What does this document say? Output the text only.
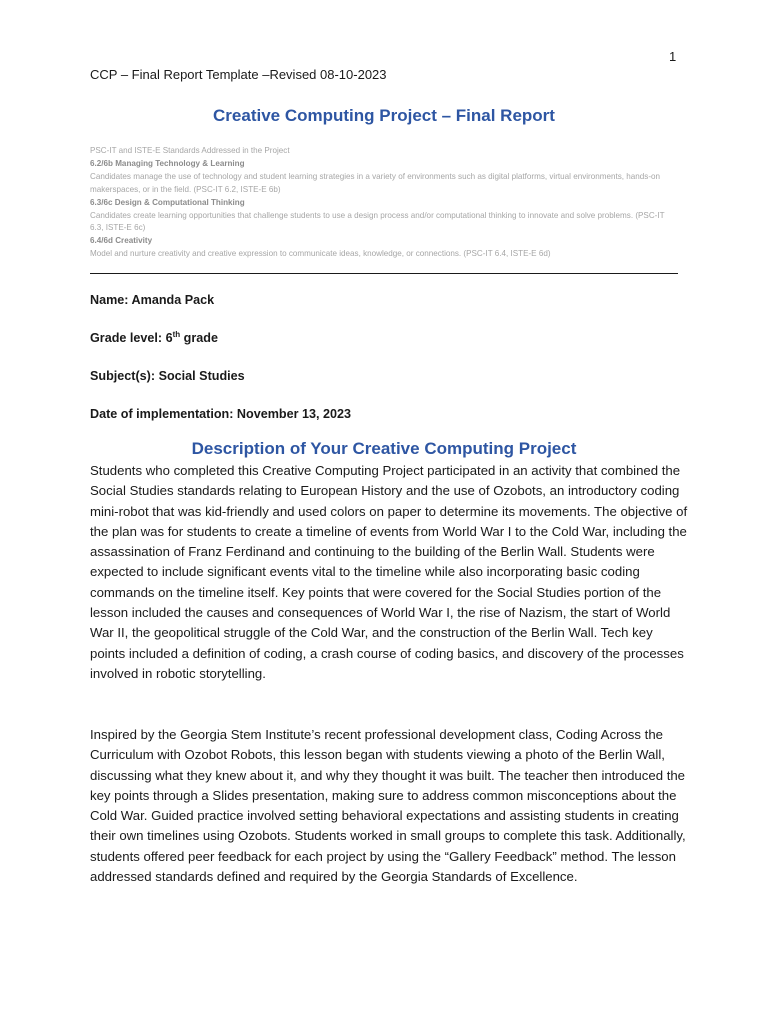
1
CCP – Final Report Template –Revised 08-10-2023
Creative Computing Project – Final Report
PSC-IT and ISTE-E Standards Addressed in the Project
6.2/6b Managing Technology & Learning
Candidates manage the use of technology and student learning strategies in a variety of environments such as digital platforms, virtual environments, hands-on makerspaces, or in the field. (PSC-IT 6.2, ISTE-E 6b)
6.3/6c Design & Computational Thinking
Candidates create learning opportunities that challenge students to use a design process and/or computational thinking to innovate and solve problems. (PSC-IT 6.3, ISTE-E 6c)
6.4/6d Creativity
Model and nurture creativity and creative expression to communicate ideas, knowledge, or connections. (PSC-IT 6.4, ISTE-E 6d)
Name: Amanda Pack
Grade level: 6th grade
Subject(s): Social Studies
Date of implementation: November 13, 2023
Description of Your Creative Computing Project

Students who completed this Creative Computing Project participated in an activity that combined the Social Studies standards relating to European History and the use of Ozobots, an introductory coding mini-robot that was kid-friendly and used colors on paper to determine its movements. The objective of the plan was for students to create a timeline of events from World War I to the Cold War, including the assassination of Franz Ferdinand and continuing to the building of the Berlin Wall. Students were expected to include significant events vital to the timeline while also incorporating basic coding commands on the timeline itself. Key points that were covered for the Social Studies portion of the lesson included the causes and consequences of World War I, the rise of Nazism, the start of World War II, the geopolitical struggle of the Cold War, and the construction of the Berlin Wall. Tech key points included a definition of coding, a crash course of coding basics, and discovery of the processes involved in robotic storytelling.

Inspired by the Georgia Stem Institute’s recent professional development class, Coding Across the Curriculum with Ozobot Robots, this lesson began with students viewing a photo of the Berlin Wall, discussing what they knew about it, and why they thought it was built. The teacher then introduced the key points through a Slides presentation, making sure to address common misconceptions about the Cold War. Guided practice involved setting behavioral expectations and assisting students in creating their own timelines using Ozobots. Students worked in small groups to complete this task. Additionally, students offered peer feedback for each project by using the “Gallery Feedback” method. The lesson addressed standards defined and required by the Georgia Standards of Excellence.
